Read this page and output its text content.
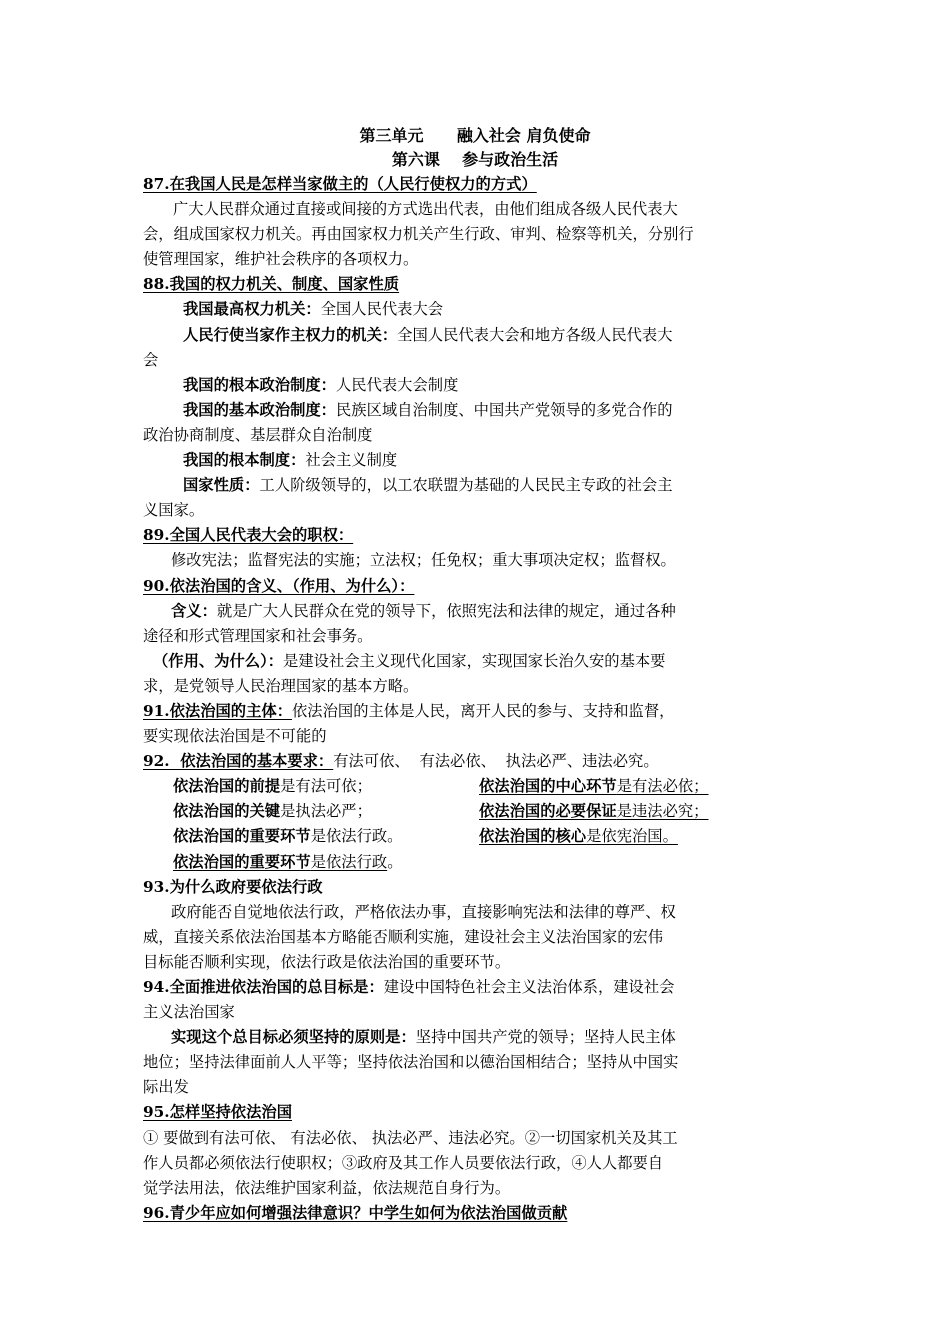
第三单元      融入社会 肩负使命
第六课    参与政治生活
87.在我国人民是怎样当家做主的（人民行使权力的方式）
广大人民群众通过直接或间接的方式选出代表，由他们组成各级人民代表大
会，组成国家权力机关。再由国家权力机关产生行政、审判、检察等机关，分别行
使管理国家，维护社会秩序的各项权力。
88.我国的权力机关、制度、国家性质
我国最高权力机关：全国人民代表大会
人民行使当家作主权力的机关：全国人民代表大会和地方各级人民代表大
会
我国的根本政治制度：人民代表大会制度
我国的基本政治制度：民族区域自治制度、中国共产党领导的多党合作的
政治协商制度、基层群众自治制度
我国的根本制度：社会主义制度
国家性质：工人阶级领导的，以工农联盟为基础的人民民主专政的社会主
义国家。
89.全国人民代表大会的职权：
修改宪法；监督宪法的实施；立法权；任免权；重大事项决定权；监督权。
90.依法治国的含义、（作用、为什么）：
含义：就是广大人民群众在党的领导下，依照宪法和法律的规定，通过各种
途径和形式管理国家和社会事务。
（作用、为什么）：是建设社会主义现代化国家，实现国家长治久安的基本要
求，是党领导人民治理国家的基本方略。
91.依法治国的主体：依法治国的主体是人民，离开人民的参与、支持和监督，
要实现依法治国是不可能的
92.  依法治国的基本要求：有法可依、  有法必依、  执法必严、违法必究。
依法治国的前提是有法可依；	依法治国的中心环节是有法必依；
依法治国的关键是执法必严；	依法治国的必要保证是违法必究；
依法治国的重要环节是依法行政。	依法治国的核心是依宪治国。
依法治国的重要环节是依法行政。
93.为什么政府要依法行政
政府能否自觉地依法行政，严格依法办事，直接影响宪法和法律的尊严、权
威，直接关系依法治国基本方略能否顺利实施，建设社会主义法治国家的宏伟
目标能否顺利实现，依法行政是依法治国的重要环节。
94.全面推进依法治国的总目标是：建设中国特色社会主义法治体系，建设社会
主义法治国家
实现这个总目标必须坚持的原则是：坚持中国共产党的领导；坚持人民主体
地位；坚持法律面前人人平等；坚持依法治国和以德治国相结合；坚持从中国实
际出发
95.怎样坚持依法治国
① 要做到有法可依、 有法必依、 执法必严、违法必究。②一切国家机关及其工
作人员都必须依法行使职权；③政府及其工作人员要依法行政，④人人都要自
觉学法用法，依法维护国家利益，依法规范自身行为。
96.青少年应如何增强法律意识？中学生如何为依法治国做贡献
